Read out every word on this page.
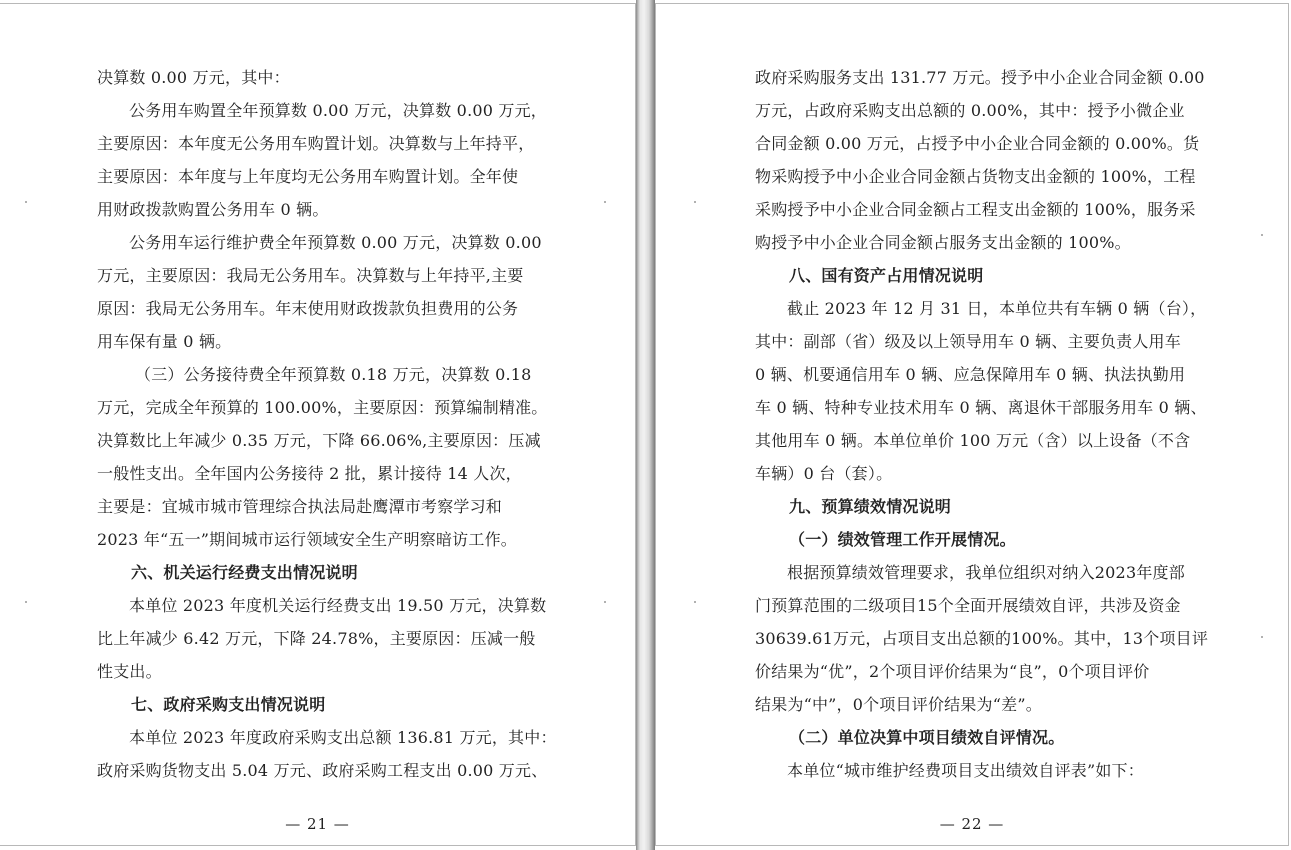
决算数 0.00 万元，其中：
公务用车购置全年预算数 0.00 万元，决算数 0.00 万元，
主要原因：本年度无公务用车购置计划。决算数与上年持平，
主要原因：本年度与上年度均无公务用车购置计划。全年使
用财政拨款购置公务用车 0 辆。
公务用车运行维护费全年预算数 0.00 万元，决算数 0.00
万元，主要原因：我局无公务用车。决算数与上年持平,主要
原因：我局无公务用车。年末使用财政拨款负担费用的公务
用车保有量 0 辆。
（三）公务接待费全年预算数 0.18 万元，决算数 0.18
万元，完成全年预算的 100.00%，主要原因：预算编制精准。
决算数比上年减少 0.35 万元，下降 66.06%,主要原因：压减
一般性支出。全年国内公务接待 2 批，累计接待 14 人次，
主要是：宜城市城市管理综合执法局赴鹰潭市考察学习和
2023 年“五一”期间城市运行领域安全生产明察暗访工作。
六、机关运行经费支出情况说明
本单位 2023 年度机关运行经费支出 19.50 万元，决算数
比上年减少 6.42 万元，下降 24.78%，主要原因：压减一般
性支出。
七、政府采购支出情况说明
本单位 2023 年度政府采购支出总额 136.81 万元，其中：
政府采购货物支出 5.04 万元、政府采购工程支出 0.00 万元、
— 21 —
政府采购服务支出 131.77 万元。授予中小企业合同金额 0.00
万元，占政府采购支出总额的 0.00%，其中：授予小微企业
合同金额 0.00 万元，占授予中小企业合同金额的 0.00%。货
物采购授予中小企业合同金额占货物支出金额的 100%，工程
采购授予中小企业合同金额占工程支出金额的 100%，服务采
购授予中小企业合同金额占服务支出金额的 100%。
八、国有资产占用情况说明
截止 2023 年 12 月 31 日，本单位共有车辆 0 辆（台），
其中：副部（省）级及以上领导用车 0 辆、主要负责人用车
0 辆、机要通信用车 0 辆、应急保障用车 0 辆、执法执勤用
车 0 辆、特种专业技术用车 0 辆、离退休干部服务用车 0 辆、
其他用车 0 辆。本单位单价 100 万元（含）以上设备（不含
车辆）0 台（套）。
九、预算绩效情况说明
（一）绩效管理工作开展情况。
根据预算绩效管理要求，我单位组织对纳入2023年度部
门预算范围的二级项目15个全面开展绩效自评，共涉及资金
30639.61万元，占项目支出总额的100%。其中，13个项目评
价结果为“优”，2个项目评价结果为“良”，0个项目评价
结果为“中”，0个项目评价结果为“差”。
（二）单位决算中项目绩效自评情况。
本单位“城市维护经费项目支出绩效自评表”如下：
— 22 —
